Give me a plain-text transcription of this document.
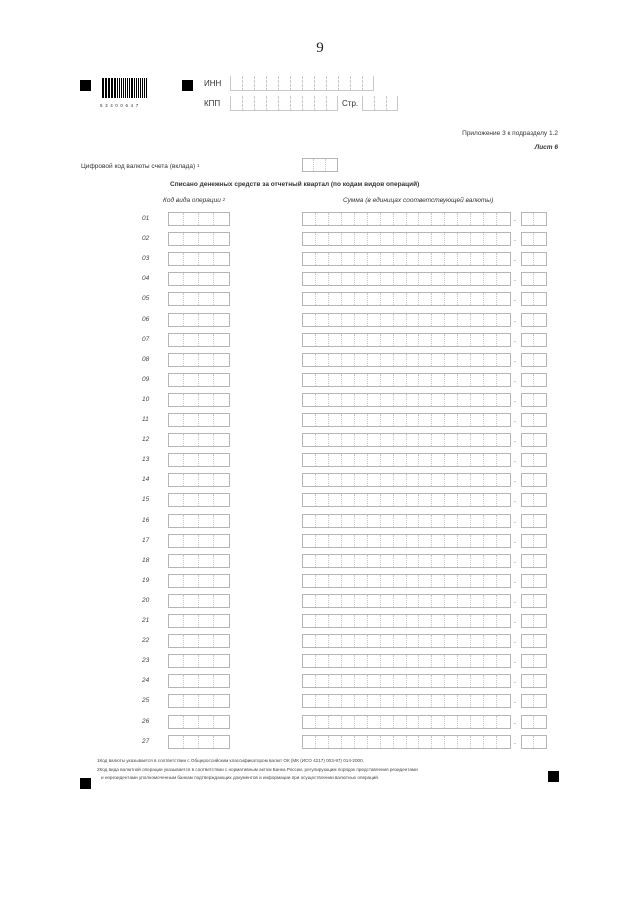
9
53400647
ИНН
КПП	Стр.
Приложение 3 к подразделу 1.2
Лист 6
Цифровой код валюты счета (вклада) $^1$
Списано денежных средств за отчетный квартал (по кодам видов операций)
Код вида операции $^2$	Сумма (в единицах соответствующей валюты)
01	.
02	.
03	.
04	.
05	.
06	.
07	.
08	.
09	.
10	.
11	.
12	.
13	.
14	.
15	.
16	.
17	.
18	.
19	.
20	.
21	.
22	.
23	.
24	.
25	.
26	.
27	.
1Код валюты указывается в соответствии с Общероссийским классификатором валют ОК (МК (ИСО 4217) 003-97) 014-2000.
2Код вида валютной операции указывается в соответствии с нормативным актом Банка России, регулирующим порядок представления резидентами
и нерезидентами уполномоченным банкам подтверждающих документов и информации при осуществлении валютных операций.
